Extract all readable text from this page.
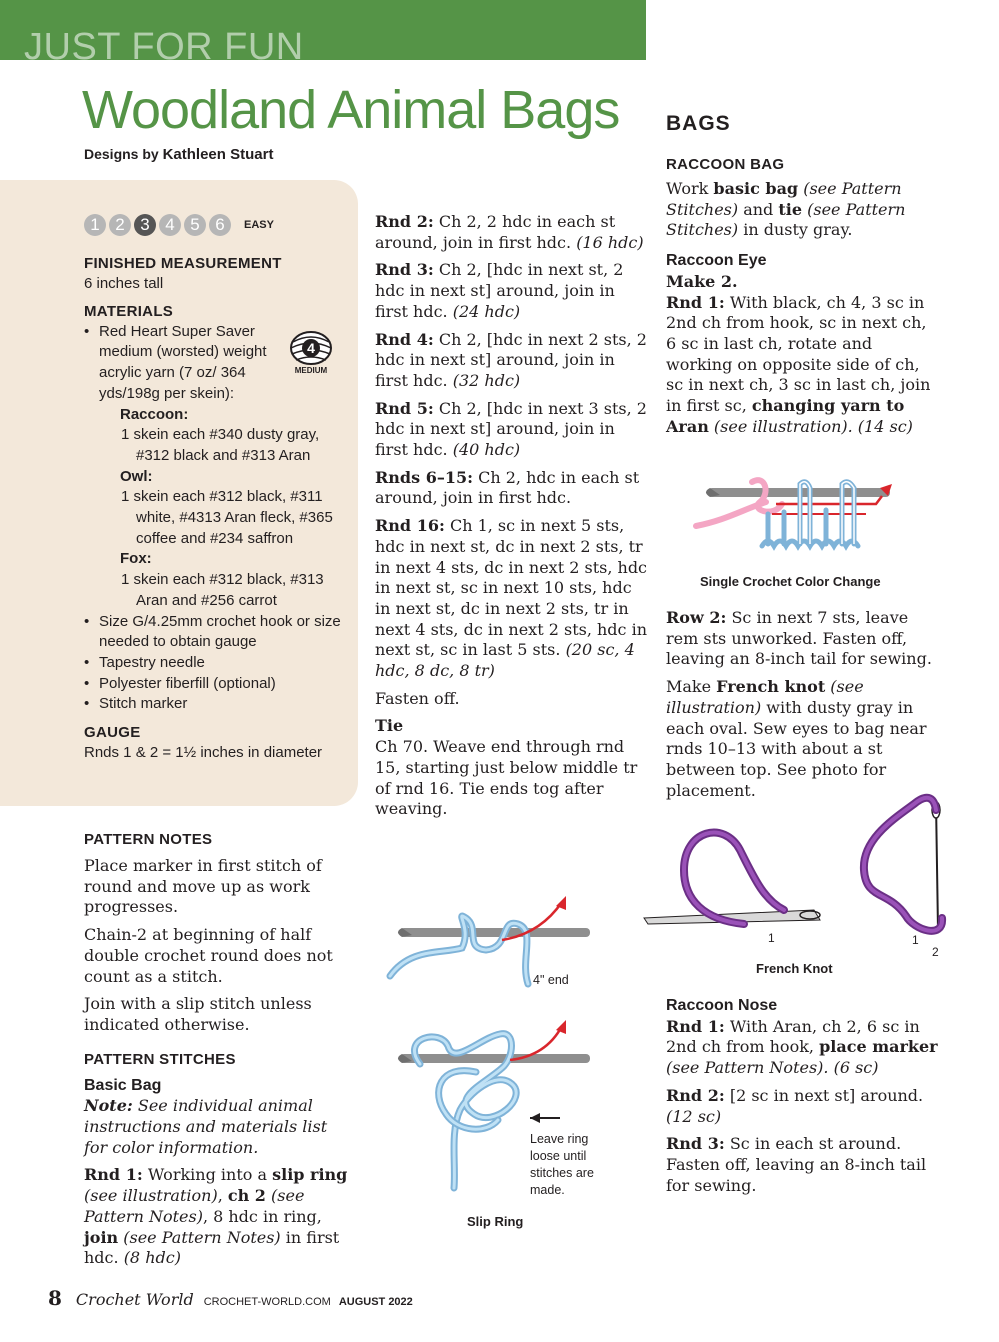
JUST FOR FUN
Woodland Animal Bags
Designs by Kathleen Stuart
1 2 3 4 5 6	EASY

FINISHED MEASUREMENT

6 inches tall

MATERIALS

• Red Heart Super Saver medium (worsted) weight acrylic yarn (7 oz/ 364 yds/198g per skein):
Raccoon:
1 skein each #340 dusty gray, #312 black and #313 Aran
Owl:
1 skein each #312 black, #311 white, #4313 Aran fleck, #365 coffee and #234 saffron
Fox:
1 skein each #312 black, #313 Aran and #256 carrot
• Size G/4.25mm crochet hook or size needed to obtain gauge
• Tapestry needle
• Polyester fiberfill (optional)
• Stitch marker

GAUGE

Rnds 1 & 2 = 1½ inches in diameter

4
MEDIUM

PATTERN NOTES

Place marker in first stitch of round and move up as work progresses.

Chain-2 at beginning of half double crochet round does not count as a stitch.

Join with a slip stitch unless indicated otherwise.

PATTERN STITCHES

Basic Bag

Note: See individual animal instructions and materials list for color information.

Rnd 1: Working into a slip ring (see illustration), ch 2 (see Pattern Notes), 8 hdc in ring, join (see Pattern Notes) in first hdc. (8 hdc)

Rnd 2: Ch 2, 2 hdc in each st around, join in first hdc. (16 hdc)

Rnd 3: Ch 2, [hdc in next st, 2 hdc in next st] around, join in first hdc. (24 hdc)

Rnd 4: Ch 2, [hdc in next 2 sts, 2 hdc in next st] around, join in first hdc. (32 hdc)

Rnd 5: Ch 2, [hdc in next 3 sts, 2 hdc in next st] around, join in first hdc. (40 hdc)

Rnds 6–15: Ch 2, hdc in each st around, join in first hdc.

Rnd 16: Ch 1, sc in next 5 sts, hdc in next st, dc in next 2 sts, tr in next 4 sts, dc in next 2 sts, hdc in next st, sc in next 10 sts, hdc in next st, dc in next 2 sts, tr in next 4 sts, dc in next 2 sts, hdc in next st, sc in last 5 sts. (20 sc, 4 hdc, 8 dc, 8 tr)

Fasten off.

Tie

Ch 70. Weave end through rnd 15, starting just below middle tr of rnd 16. Tie ends tog after weaving.

4" end
Leave ring loose until stitches are made.
Slip Ring

BAGS

RACCOON BAG

Work basic bag (see Pattern Stitches) and tie (see Pattern Stitches) in dusty gray.

Raccoon Eye

Make 2.

Rnd 1: With black, ch 4, 3 sc in 2nd ch from hook, sc in next ch, 6 sc in last ch, rotate and working on opposite side of ch, sc in next ch, 3 sc in last ch, join in first sc, changing yarn to Aran (see illustration). (14 sc)

Single Crochet Color Change

Row 2: Sc in next 7 sts, leave rem sts unworked. Fasten off, leaving an 8-inch tail for sewing.

Make French knot (see illustration) with dusty gray in each oval. Sew eyes to bag near rnds 10–13 with about a st between top. See photo for placement.

1	1
2
French Knot

Raccoon Nose

Rnd 1: With Aran, ch 2, 6 sc in 2nd ch from hook, place marker (see Pattern Notes). (6 sc)

Rnd 2: [2 sc in next st] around. (12 sc)

Rnd 3: Sc in each st around. Fasten off, leaving an 8-inch tail for sewing.

8 Crochet World CROCHET-WORLD.COM AUGUST 2022
